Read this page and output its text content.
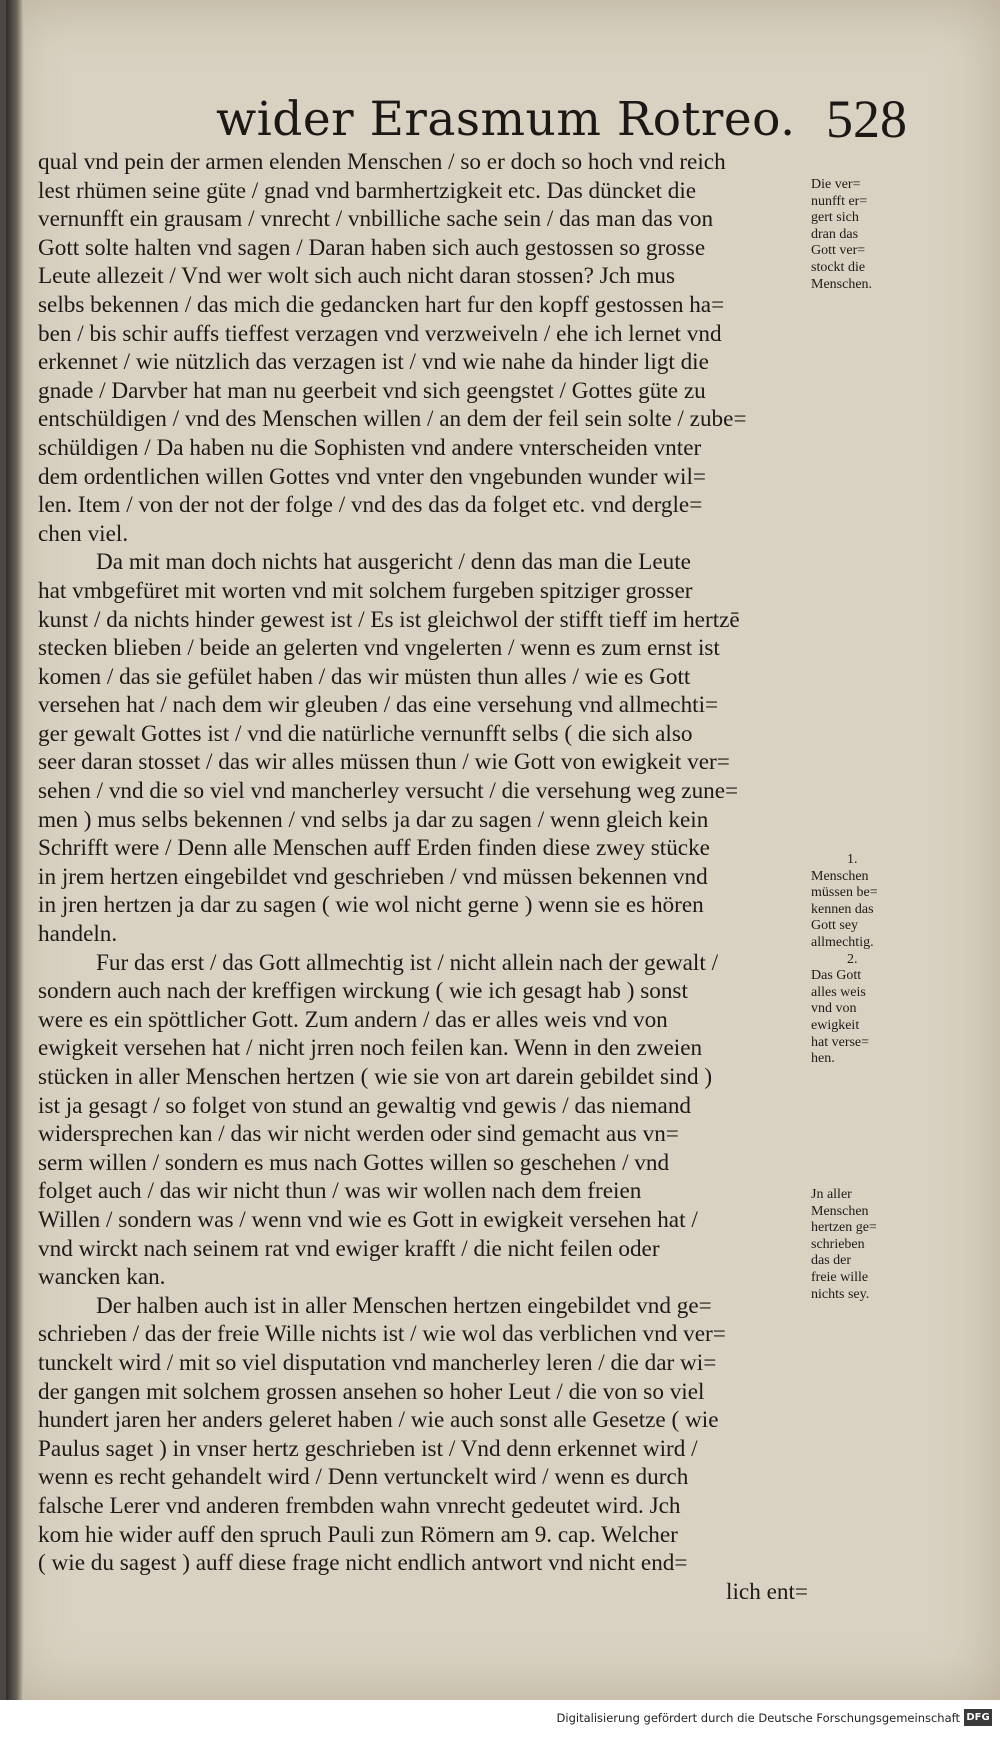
wider Erasmum Rotreo. 528
qual vnd pein der armen elenden Menschen / so er doch so hoch vnd reich
lest rhümen seine güte / gnad vnd barmhertzigkeit etc. Das düncket die
vernunfft ein grausam / vnrecht / vnbilliche sache sein / das man das von
Gott solte halten vnd sagen / Daran haben sich auch gestossen so grosse
Leute allezeit / Vnd wer wolt sich auch nicht daran stossen? Jch mus
selbs bekennen / das mich die gedancken hart fur den kopff gestossen ha=
ben / bis schir auffs tieffest verzagen vnd verzweiveln / ehe ich lernet vnd
erkennet / wie nützlich das verzagen ist / vnd wie nahe da hinder ligt die
gnade / Darvber hat man nu geerbeit vnd sich geengstet / Gottes güte zu
entschüldigen / vnd des Menschen willen / an dem der feil sein solte / zube=
schüldigen / Da haben nu die Sophisten vnd andere vnterscheiden vnter
dem ordentlichen willen Gottes vnd vnter den vngebunden wunder wil=
len. Item / von der not der folge / vnd des das da folget etc. vnd dergle=
chen viel.
Da mit man doch nichts hat ausgericht / denn das man die Leute
hat vmbgefüret mit worten vnd mit solchem furgeben spitziger grosser
kunst / da nichts hinder gewest ist / Es ist gleichwol der stifft tieff im hertzē
stecken blieben / beide an gelerten vnd vngelerten / wenn es zum ernst ist
komen / das sie gefület haben / das wir müsten thun alles / wie es Gott
versehen hat / nach dem wir gleuben / das eine versehung vnd allmechti=
ger gewalt Gottes ist / vnd die natürliche vernunfft selbs ( die sich also
seer daran stosset / das wir alles müssen thun / wie Gott von ewigkeit ver=
sehen / vnd die so viel vnd mancherley versucht / die versehung weg zune=
men ) mus selbs bekennen / vnd selbs ja dar zu sagen / wenn gleich kein
Schrifft were / Denn alle Menschen auff Erden finden diese zwey stücke
in jrem hertzen eingebildet vnd geschrieben / vnd müssen bekennen vnd
in jren hertzen ja dar zu sagen ( wie wol nicht gerne ) wenn sie es hören
handeln.
Fur das erst / das Gott allmechtig ist / nicht allein nach der gewalt /
sondern auch nach der kreffigen wirckung ( wie ich gesagt hab ) sonst
were es ein spöttlicher Gott. Zum andern / das er alles weis vnd von
ewigkeit versehen hat / nicht jrren noch feilen kan. Wenn in den zweien
stücken in aller Menschen hertzen ( wie sie von art darein gebildet sind )
ist ja gesagt / so folget von stund an gewaltig vnd gewis / das niemand
widersprechen kan / das wir nicht werden oder sind gemacht aus vn=
serm willen / sondern es mus nach Gottes willen so geschehen / vnd
folget auch / das wir nicht thun / was wir wollen nach dem freien
Willen / sondern was / wenn vnd wie es Gott in ewigkeit versehen hat /
vnd wirckt nach seinem rat vnd ewiger krafft / die nicht feilen oder
wancken kan.
Der halben auch ist in aller Menschen hertzen eingebildet vnd ge=
schrieben / das der freie Wille nichts ist / wie wol das verblichen vnd ver=
tunckelt wird / mit so viel disputation vnd mancherley leren / die dar wi=
der gangen mit solchem grossen ansehen so hoher Leut / die von so viel
hundert jaren her anders geleret haben / wie auch sonst alle Gesetze ( wie
Paulus saget ) in vnser hertz geschrieben ist / Vnd denn erkennet wird /
wenn es recht gehandelt wird / Denn vertunckelt wird / wenn es durch
falsche Lerer vnd anderen frembden wahn vnrecht gedeutet wird. Jch
kom hie wider auff den spruch Pauli zun Römern am 9. cap. Welcher
( wie du sagest ) auff diese frage nicht endlich antwort vnd nicht end=
lich ent=
Die ver=
nunfft er=
gert sich
dran das
Gott ver=
stockt die
Menschen.
1.
Menschen
müssen be=
kennen das
Gott sey
allmechtig.
2.
Das Gott
alles weis
vnd von
ewigkeit
hat verse=
hen.
Jn aller
Menschen
hertzen ge=
schrieben
das der
freie wille
nichts sey.
Digitalisierung gefördert durch die Deutsche Forschungsgemeinschaft DFG
